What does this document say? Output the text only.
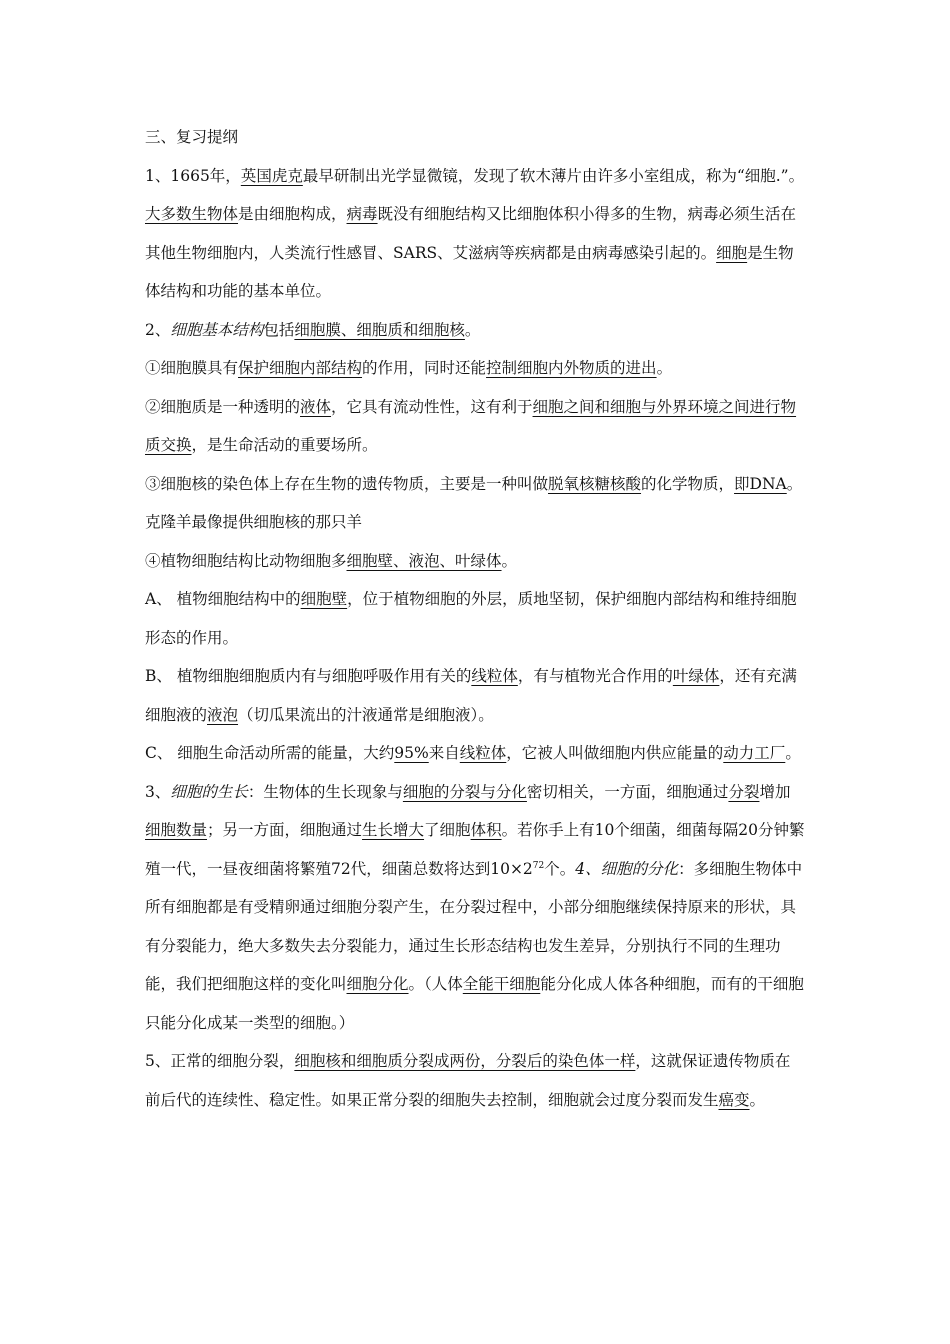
三、复习提纲

1、1665年，英国虎克最早研制出光学显微镜，发现了软木薄片由许多小室组成，称为“细胞.”。大多数生物体是由细胞构成，病毒既没有细胞结构又比细胞体积小得多的生物，病毒必须生活在其他生物细胞内，人类流行性感冒、SARS、艾滋病等疾病都是由病毒感染引起的。细胞是生物体结构和功能的基本单位。

2、细胞基本结构包括细胞膜、细胞质和细胞核。

①细胞膜具有保护细胞内部结构的作用，同时还能控制细胞内外物质的进出。

②细胞质是一种透明的液体，它具有流动性性，这有利于细胞之间和细胞与外界环境之间进行物质交换，是生命活动的重要场所。

③细胞核的染色体上存在生物的遗传物质，主要是一种叫做脱氧核糖核酸的化学物质，即DNA。克隆羊最像提供细胞核的那只羊

④植物细胞结构比动物细胞多细胞壁、液泡、叶绿体。

A、 植物细胞结构中的细胞壁，位于植物细胞的外层，质地坚韧，保护细胞内部结构和维持细胞形态的作用。

B、 植物细胞细胞质内有与细胞呼吸作用有关的线粒体，有与植物光合作用的叶绿体，还有充满细胞液的液泡（切瓜果流出的汁液通常是细胞液）。

C、 细胞生命活动所需的能量，大约95%来自线粒体，它被人叫做细胞内供应能量的动力工厂。

3、细胞的生长：生物体的生长现象与细胞的分裂与分化密切相关，一方面，细胞通过分裂增加细胞数量；另一方面，细胞通过生长增大了细胞体积。若你手上有10个细菌，细菌每隔20分钟繁殖一代，一昼夜细菌将繁殖72代，细菌总数将达到$10\times 2^{72}$个。4、细胞的分化：多细胞生物体中所有细胞都是有受精卵通过细胞分裂产生，在分裂过程中，小部分细胞继续保持原来的形状，具有分裂能力，绝大多数失去分裂能力，通过生长形态结构也发生差异，分别执行不同的生理功能，我们把细胞这样的变化叫细胞分化。（人体全能干细胞能分化成人体各种细胞，而有的干细胞只能分化成某一类型的细胞。）

5、正常的细胞分裂，细胞核和细胞质分裂成两份，分裂后的染色体一样，这就保证遗传物质在前后代的连续性、稳定性。如果正常分裂的细胞失去控制，细胞就会过度分裂而发生癌变。
